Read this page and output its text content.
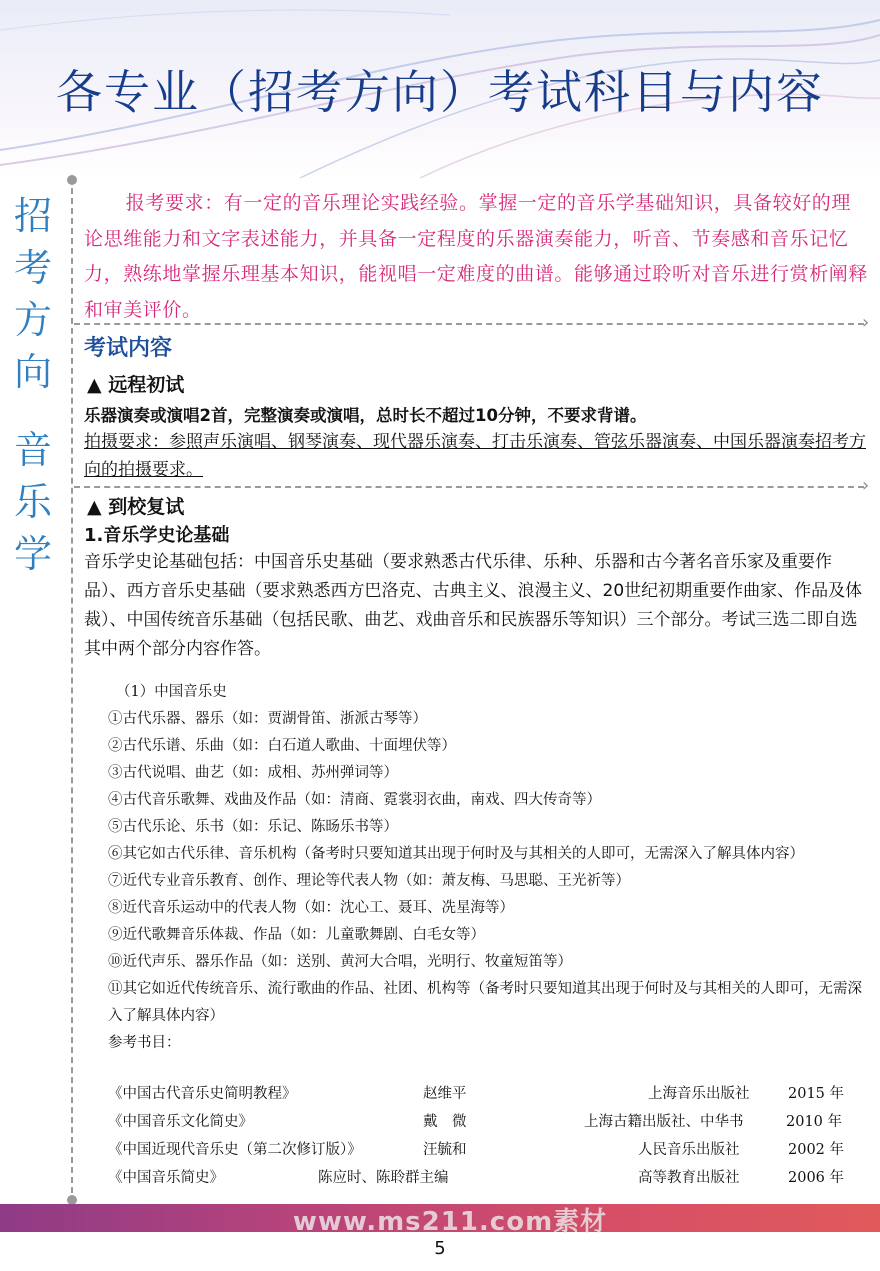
各专业（招考方向）考试科目与内容
招
考
方
向
音
乐
学
报考要求：有一定的音乐理论实践经验。掌握一定的音乐学基础知识，具备较好的理论思维能力和文字表述能力，并具备一定程度的乐器演奏能力，听音、节奏感和音乐记忆力，熟练地掌握乐理基本知识，能视唱一定难度的曲谱。能够通过聆听对音乐进行赏析阐释和审美评价。
›
考试内容
▲ 远程初试
乐器演奏或演唱2首，完整演奏或演唱，总时长不超过10分钟，不要求背谱。
拍摄要求：参照声乐演唱、钢琴演奏、现代器乐演奏、打击乐演奏、管弦乐器演奏、中国乐器演奏招考方向的拍摄要求。
›
▲ 到校复试
1.音乐学史论基础
音乐学史论基础包括：中国音乐史基础（要求熟悉古代乐律、乐种、乐器和古今著名音乐家及重要作品）、西方音乐史基础（要求熟悉西方巴洛克、古典主义、浪漫主义、20世纪初期重要作曲家、作品及体裁）、中国传统音乐基础（包括民歌、曲艺、戏曲音乐和民族器乐等知识）三个部分。考试三选二即自选其中两个部分内容作答。
（1）中国音乐史
①古代乐器、器乐（如：贾湖骨笛、浙派古琴等）
②古代乐谱、乐曲（如：白石道人歌曲、十面埋伏等）
③古代说唱、曲艺（如：成相、苏州弹词等）
④古代音乐歌舞、戏曲及作品（如：清商、霓裳羽衣曲，南戏、四大传奇等）
⑤古代乐论、乐书（如：乐记、陈旸乐书等）
⑥其它如古代乐律、音乐机构（备考时只要知道其出现于何时及与其相关的人即可，无需深入了解具体内容）
⑦近代专业音乐教育、创作、理论等代表人物（如：萧友梅、马思聪、王光祈等）
⑧近代音乐运动中的代表人物（如：沈心工、聂耳、冼星海等）
⑨近代歌舞音乐体裁、作品（如：儿童歌舞剧、白毛女等）
⑩近代声乐、器乐作品（如：送别、黄河大合唱，光明行、牧童短笛等）
⑪其它如近代传统音乐、流行歌曲的作品、社团、机构等（备考时只要知道其出现于何时及与其相关的人即可，无需深入了解具体内容）
参考书目：
《中国古代音乐史简明教程》	赵维平	上海音乐出版社	2015 年
《中国音乐文化简史》	戴　微	上海古籍出版社、中华书	2010 年
《中国近现代音乐史（第二次修订版）》	汪毓和	人民音乐出版社	2002 年
《中国音乐简史》	陈应时、陈聆群主编	高等教育出版社	2006 年
www.ms211.com素材
5
